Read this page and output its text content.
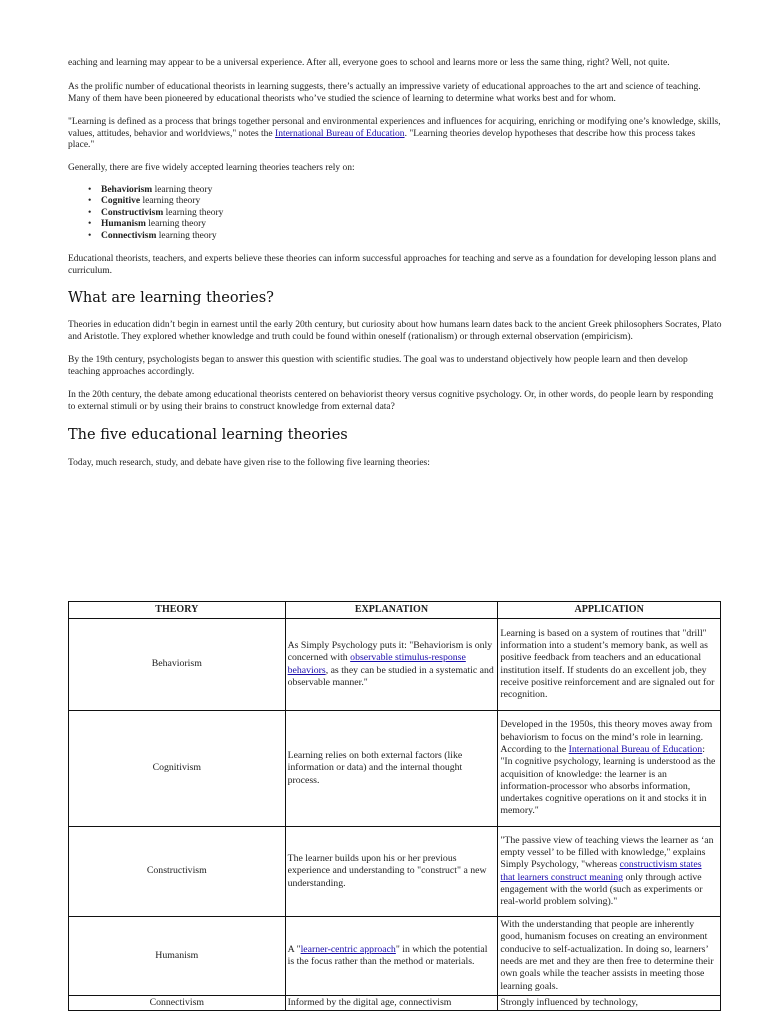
eaching and learning may appear to be a universal experience. After all, everyone goes to school and learns more or less the same thing, right? Well, not quite.

As the prolific number of educational theorists in learning suggests, there’s actually an impressive variety of educational approaches to the art and science of teaching. Many of them have been pioneered by educational theorists who’ve studied the science of learning to determine what works best and for whom.

"Learning is defined as a process that brings together personal and environmental experiences and influences for acquiring, enriching or modifying one’s knowledge, skills, values, attitudes, behavior and worldviews," notes the International Bureau of Education. "Learning theories develop hypotheses that describe how this process takes place."

Generally, there are five widely accepted learning theories teachers rely on:

• Behaviorism learning theory
• Cognitive learning theory
• Constructivism learning theory
• Humanism learning theory
• Connectivism learning theory

Educational theorists, teachers, and experts believe these theories can inform successful approaches for teaching and serve as a foundation for developing lesson plans and curriculum.

What are learning theories?

Theories in education didn’t begin in earnest until the early 20th century, but curiosity about how humans learn dates back to the ancient Greek philosophers Socrates, Plato and Aristotle. They explored whether knowledge and truth could be found within oneself (rationalism) or through external observation (empiricism).

By the 19th century, psychologists began to answer this question with scientific studies. The goal was to understand objectively how people learn and then develop teaching approaches accordingly.

In the 20th century, the debate among educational theorists centered on behaviorist theory versus cognitive psychology. Or, in other words, do people learn by responding to external stimuli or by using their brains to construct knowledge from external data?

The five educational learning theories

Today, much research, study, and debate have given rise to the following five learning theories:

THEORY	EXPLANATION	APPLICATION
Behaviorism	As Simply Psychology puts it: "Behaviorism is only concerned with observable stimulus-response behaviors, as they can be studied in a systematic and observable manner."	Learning is based on a system of routines that "drill" information into a student’s memory bank, as well as positive feedback from teachers and an educational institution itself. If students do an excellent job, they receive positive reinforcement and are signaled out for recognition.
Cognitivism	Learning relies on both external factors (like information or data) and the internal thought process.	Developed in the 1950s, this theory moves away from behaviorism to focus on the mind’s role in learning. According to the International Bureau of Education: "In cognitive psychology, learning is understood as the acquisition of knowledge: the learner is an information-processor who absorbs information, undertakes cognitive operations on it and stocks it in memory."
Constructivism	The learner builds upon his or her previous experience and understanding to "construct" a new understanding.	"The passive view of teaching views the learner as ‘an empty vessel’ to be filled with knowledge," explains Simply Psychology, "whereas constructivism states that learners construct meaning only through active engagement with the world (such as experiments or real-world problem solving)."
Humanism	A "learner-centric approach" in which the potential is the focus rather than the method or materials.	With the understanding that people are inherently good, humanism focuses on creating an environment conducive to self-actualization. In doing so, learners’ needs are met and they are then free to determine their own goals while the teacher assists in meeting those learning goals.
Connectivism	Informed by the digital age, connectivism	Strongly influenced by technology,
